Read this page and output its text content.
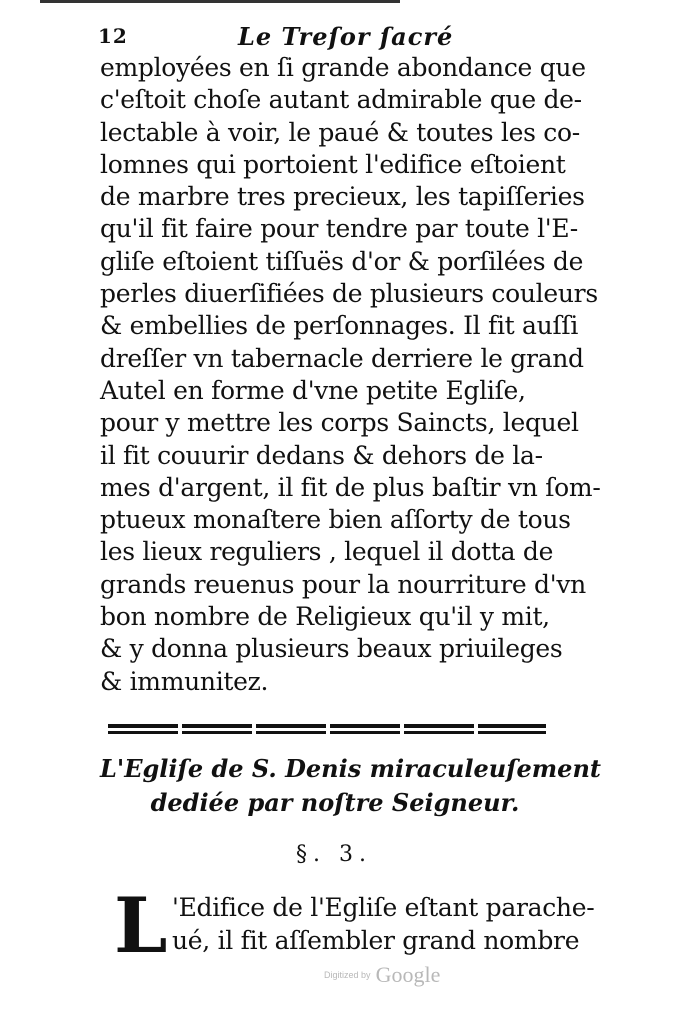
12	Le Treſor ſacré
employées en ſi grande abondance que
c'eſtoit choſe autant admirable que de-
lectable à voir, le paué & toutes les co-
lomnes qui portoient l'edifice eſtoient
de marbre tres precieux, les tapiſſeries
qu'il fit faire pour tendre par toute l'E-
gliſe eſtoient tiſſuës d'or & porſilées de
perles diuerſifiées de plusieurs couleurs
& embellies de perſonnages. Il fit auſſi
dreſſer vn tabernacle derriere le grand
Autel en forme d'vne petite Egliſe,
pour y mettre les corps Saincts, lequel
il fit couurir dedans & dehors de la-
mes d'argent, il fit de plus baſtir vn ſom-
ptueux monaſtere bien aſſorty de tous
les lieux reguliers , lequel il dotta de
grands reuenus pour la nourriture d'vn
bon nombre de Religieux qu'il y mit,
& y donna plusieurs beaux priuileges
& immunitez.
L'Egliſe de S. Denis miraculeuſement
dediée par noſtre Seigneur.
§. 3.
L 'Edifice de l'Egliſe eſtant parache-
ué, il fit aſſembler grand nombre
Digitized by Google
